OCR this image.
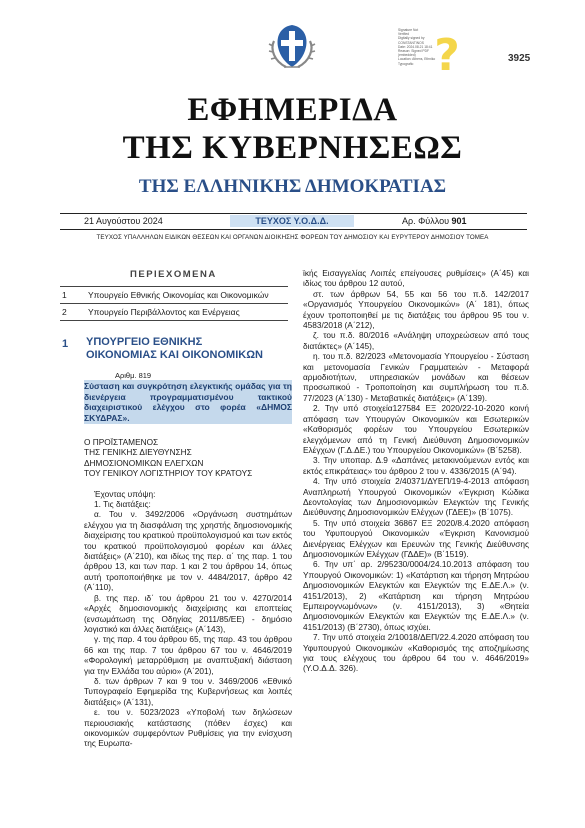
Signature Not
Verified
Digitally signed by
CONSTANTINOS
Date: 2024.08.21 18:41
Reason: Signed PDF
(embedded)
Location: Athens, Ethniko
Typografio ?	3925
ΕΦΗΜΕΡΙΔΑ
ΤΗΣ ΚΥΒΕΡΝΗΣΕΩΣ
ΤΗΣ ΕΛΛΗΝΙΚΗΣ ΔΗΜΟΚΡΑΤΙΑΣ
21 Αυγούστου 2024	ΤΕΥΧΟΣ Υ.Ο.Δ.Δ.	Αρ. Φύλλου 901
ΤΕΥΧΟΣ ΥΠΑΛΛΗΛΩΝ ΕΙΔΙΚΩΝ ΘΕΣΕΩΝ ΚΑΙ ΟΡΓΑΝΩΝ ΔΙΟΙΚΗΣΗΣ ΦΟΡΕΩΝ ΤΟΥ ΔΗΜΟΣΙΟΥ ΚΑΙ ΕΥΡΥΤΕΡΟΥ ΔΗΜΟΣΙΟΥ ΤΟΜΕΑ
ΠΕΡΙΕΧΟΜΕΝΑ
1	Υπουργείο Εθνικής Οικονομίας και Οικονομικών
2	Υπουργείο Περιβάλλοντος και Ενέργειας
1 ΥΠΟΥΡΓΕΙΟ ΕΘΝΙΚΗΣ
ΟΙΚΟΝΟΜΙΑΣ ΚΑΙ ΟΙΚΟΝΟΜΙΚΩΝ
Αριθμ. 819
Σύσταση και συγκρότηση ελεγκτικής ομάδας για τη διενέργεια προγραμματισμένου τακτικού διαχειριστικού ελέγχου στο φορέα «ΔΗΜΟΣ ΣΚΥΔΡΑΣ».

Ο ΠΡΟΪΣΤΑΜΕΝΟΣ

ΤΗΣ ΓΕΝΙΚΗΣ ΔΙΕΥΘΥΝΣΗΣ

ΔΗΜΟΣΙΟΝΟΜΙΚΩΝ ΕΛΕΓΧΩΝ

ΤΟΥ ΓΕΝΙΚΟΥ ΛΟΓΙΣΤΗΡΙΟΥ ΤΟΥ ΚΡΑΤΟΥΣ

Έχοντας υπόψη:

1. Τις διατάξεις:

α. Του ν. 3492/2006 «Οργάνωση συστημάτων ελέγχου για τη διασφάλιση της χρηστής δημοσιονομικής διαχείρισης του κρατικού προϋπολογισμού και των εκτός του κρατικού προϋπολογισμού φορέων και άλλες διατάξεις» (Α΄210), και ιδίως της περ. α΄ της παρ. 1 του άρθρου 13, και των παρ. 1 και 2 του άρθρου 14, όπως αυτή τροποποιήθηκε με τον ν. 4484/2017, άρθρο 42 (Α΄110),

β. της περ. ιδ΄ του άρθρου 21 του ν. 4270/2014 «Αρχές δημοσιονομικής διαχείρισης και εποπτείας (ενσωμάτωση της Οδηγίας 2011/85/ΕΕ) - δημόσιο λογιστικό και άλλες διατάξεις» (Α΄143),

γ. της παρ. 4 του άρθρου 65, της παρ. 43 του άρθρου 66 και της παρ. 7 του άρθρου 67 του ν. 4646/2019 «Φορολογική μεταρρύθμιση με αναπτυξιακή διάσταση για την Ελλάδα του αύριο» (Α΄201),

δ. των άρθρων 7 και 9 του ν. 3469/2006 «Εθνικό Τυπογραφείο Εφημερίδα της Κυβερνήσεως και λοιπές διατάξεις» (Α΄131),

ε. του ν. 5023/2023 «Υποβολή των δηλώσεων περιουσιακής κατάστασης (πόθεν έσχες) και οικονομικών συμφερόντων Ρυθμίσεις για την ενίσχυση της Ευρωπα-

ϊκής Εισαγγελίας Λοιπές επείγουσες ρυθμίσεις» (Α΄45) και ιδίως του άρθρου 12 αυτού,

στ. των άρθρων 54, 55 και 56 του π.δ. 142/2017 «Οργανισμός Υπουργείου Οικονομικών» (Α΄ 181), όπως έχουν τροποποιηθεί με τις διατάξεις του άρθρου 95 του ν. 4583/2018 (Α΄212),

ζ. του π.δ. 80/2016 «Ανάληψη υποχρεώσεων από τους διατάκτες» (Α΄145),

η. του π.δ. 82/2023 «Μετονομασία Υπουργείου - Σύσταση και μετονομασία Γενικών Γραμματειών - Μεταφορά αρμοδιοτήτων, υπηρεσιακών μονάδων και θέσεων προσωπικού - Τροποποίηση και συμπλήρωση του π.δ. 77/2023 (Α΄130) - Μεταβατικές διατάξεις» (Α΄139).

2. Την υπό στοιχεία127584 ΕΞ 2020/22-10-2020 κοινή απόφαση των Υπουργών Οικονομικών και Εσωτερικών «Καθορισμός φορέων του Υπουργείου Εσωτερικών ελεγχόμενων από τη Γενική Διεύθυνση Δημοσιονομικών Ελέγχων (Γ.Δ.ΔΕ.) του Υπουργείου Οικονομικών» (Β΄5258).

3. Την υποπαρ. Δ.9 «Δαπάνες μετακινούμενων εντός και εκτός επικράτειας» του άρθρου 2 του ν. 4336/2015 (Α΄94).

4. Την υπό στοιχεία 2/40371/ΔΥΕΠ/19-4-2013 απόφαση Αναπληρωτή Υπουργού Οικονομικών «Έγκριση Κώδικα Δεοντολογίας των Δημοσιονομικών Ελεγκτών της Γενικής Διεύθυνσης Δημοσιονομικών Ελέγχων (ΓΔΕΕ)» (Β΄1075).

5. Την υπό στοιχεία 36867 ΕΞ 2020/8.4.2020 απόφαση του Υφυπουργού Οικονομικών «Έγκριση Κανονισμού Διενέργειας Ελέγχων και Ερευνών της Γενικής Διεύθυνσης Δημοσιονομικών Ελέγχων (ΓΔΔΕ)» (Β΄1519).

6. Την υπ΄ αρ. 2/95230/0004/24.10.2013 απόφαση του Υπουργού Οικονομικών: 1) «Κατάρτιση και τήρηση Μητρώου Δημοσιονομικών Ελεγκτών και Ελεγκτών της Ε.ΔΕ.Λ.» (ν. 4151/2013), 2) «Κατάρτιση και τήρηση Μητρώου Εμπειρογνωμόνων» (ν. 4151/2013), 3) «Θητεία Δημοσιονομικών Ελεγκτών και Ελεγκτών της Ε.ΔΕ.Λ.» (ν. 4151/2013) (Β΄2730), όπως ισχύει.

7. Την υπό στοιχεία 2/10018/ΔΕΠ/22.4.2020 απόφαση του Υφυπουργού Οικονομικών «Καθορισμός της αποζημίωσης για τους ελέγχους του άρθρου 64 του ν. 4646/2019» (Υ.Ο.Δ.Δ. 326).
